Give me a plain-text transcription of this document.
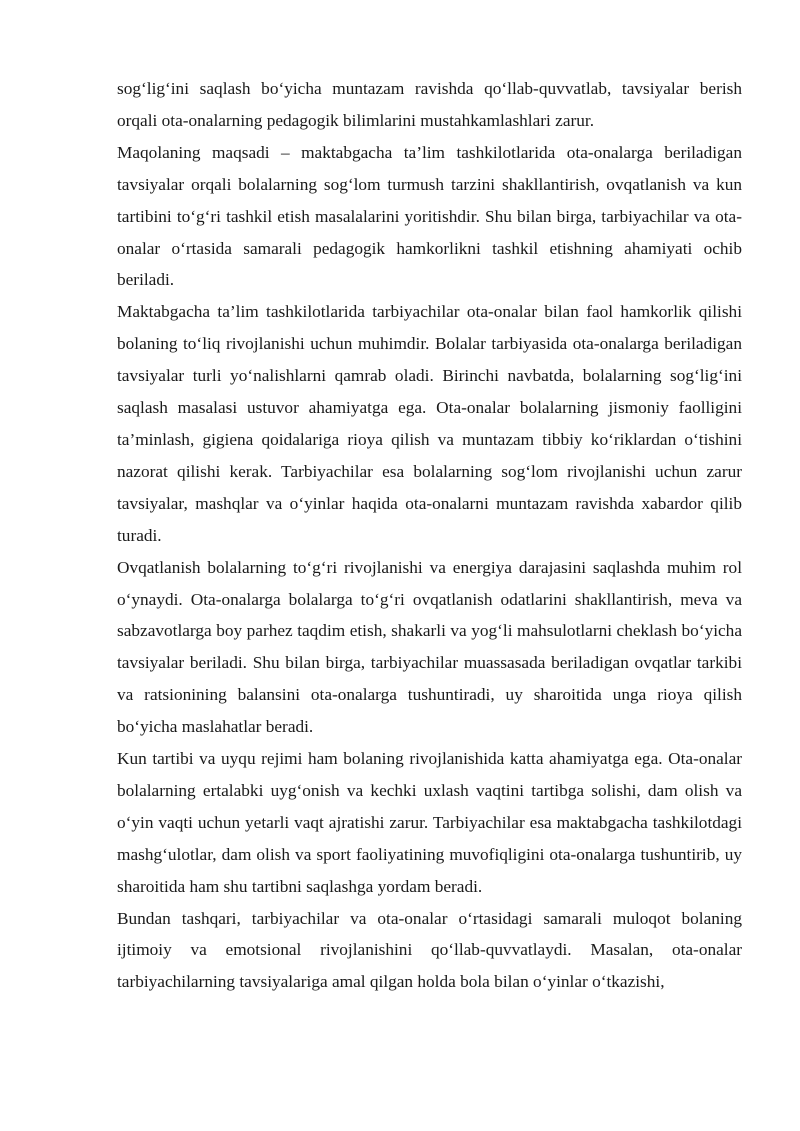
sog‘lig‘ini saqlash bo‘yicha muntazam ravishda qo‘llab-quvvatlab, tavsiyalar berish orqali ota-onalarning pedagogik bilimlarini mustahkamlashlari zarur.

Maqolaning maqsadi – maktabgacha ta’lim tashkilotlarida ota-onalarga beriladigan tavsiyalar orqali bolalarning sog‘lom turmush tarzini shakllantirish, ovqatlanish va kun tartibini to‘g‘ri tashkil etish masalalarini yoritishdir. Shu bilan birga, tarbiyachilar va ota-onalar o‘rtasida samarali pedagogik hamkorlikni tashkil etishning ahamiyati ochib beriladi.

Maktabgacha ta’lim tashkilotlarida tarbiyachilar ota-onalar bilan faol hamkorlik qilishi bolaning to‘liq rivojlanishi uchun muhimdir. Bolalar tarbiyasida ota-onalarga beriladigan tavsiyalar turli yo‘nalishlarni qamrab oladi. Birinchi navbatda, bolalarning sog‘lig‘ini saqlash masalasi ustuvor ahamiyatga ega. Ota-onalar bolalarning jismoniy faolligini ta’minlash, gigiena qoidalariga rioya qilish va muntazam tibbiy ko‘riklardan o‘tishini nazorat qilishi kerak. Tarbiyachilar esa bolalarning sog‘lom rivojlanishi uchun zarur tavsiyalar, mashqlar va o‘yinlar haqida ota-onalarni muntazam ravishda xabardor qilib turadi.

Ovqatlanish bolalarning to‘g‘ri rivojlanishi va energiya darajasini saqlashda muhim rol o‘ynaydi. Ota-onalarga bolalarga to‘g‘ri ovqatlanish odatlarini shakllantirish, meva va sabzavotlarga boy parhez taqdim etish, shakarli va yog‘li mahsulotlarni cheklash bo‘yicha tavsiyalar beriladi. Shu bilan birga, tarbiyachilar muassasada beriladigan ovqatlar tarkibi va ratsionining balansini ota-onalarga tushuntiradi, uy sharoitida unga rioya qilish bo‘yicha maslahatlar beradi.

Kun tartibi va uyqu rejimi ham bolaning rivojlanishida katta ahamiyatga ega. Ota-onalar bolalarning ertalabki uyg‘onish va kechki uxlash vaqtini tartibga solishi, dam olish va o‘yin vaqti uchun yetarli vaqt ajratishi zarur. Tarbiyachilar esa maktabgacha tashkilotdagi mashg‘ulotlar, dam olish va sport faoliyatining muvofiqligini ota-onalarga tushuntirib, uy sharoitida ham shu tartibni saqlashga yordam beradi.

Bundan tashqari, tarbiyachilar va ota-onalar o‘rtasidagi samarali muloqot bolaning ijtimoiy va emotsional rivojlanishini qo‘llab-quvvatlaydi. Masalan, ota-onalar tarbiyachilarning tavsiyalariga amal qilgan holda bola bilan o‘yinlar o‘tkazishi,
